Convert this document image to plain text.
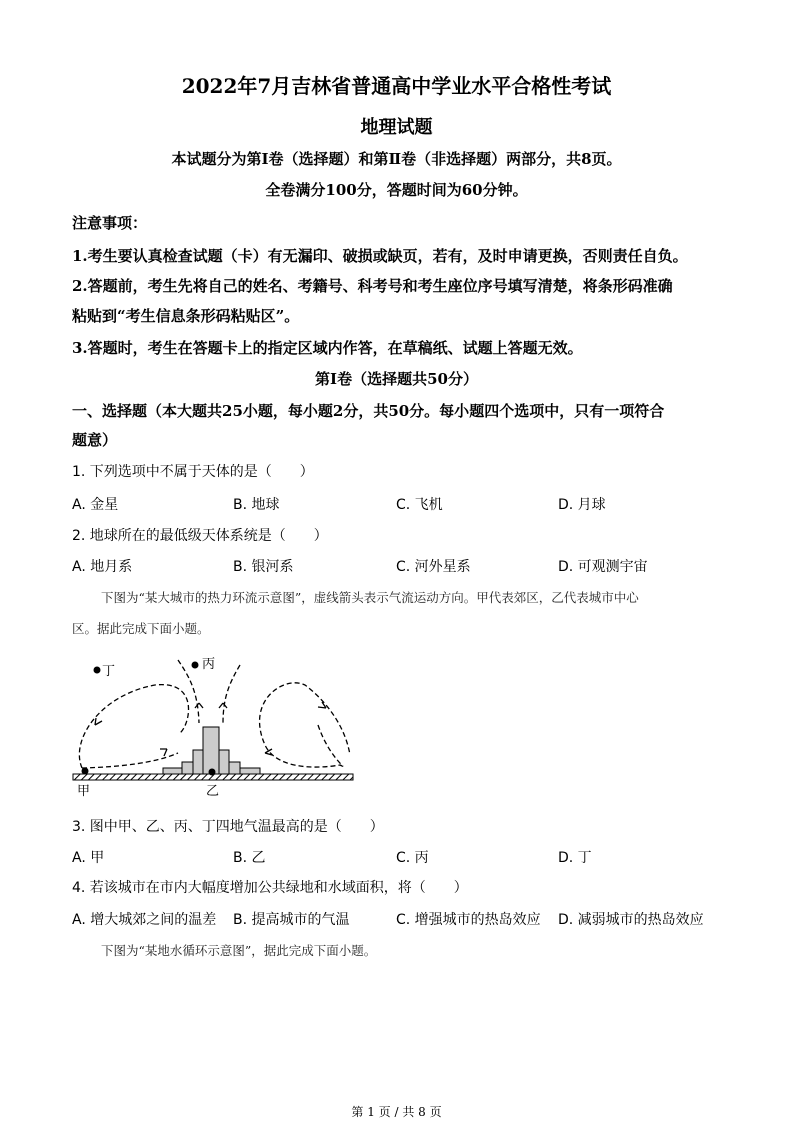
2022年7月吉林省普通高中学业水平合格性考试
地理试题
本试题分为第Ⅰ卷（选择题）和第Ⅱ卷（非选择题）两部分，共8页。
全卷满分100分，答题时间为60分钟。
注意事项：
1.考生要认真检查试题（卡）有无漏印、破损或缺页，若有，及时申请更换，否则责任自负。
2.答题前，考生先将自己的姓名、考籍号、科考号和考生座位序号填写清楚，将条形码准确
粘贴到“考生信息条形码粘贴区”。
3.答题时，考生在答题卡上的指定区域内作答，在草稿纸、试题上答题无效。
第Ⅰ卷（选择题共50分）
一、选择题（本大题共25小题，每小题2分，共50分。每小题四个选项中，只有一项符合
题意）
1. 下列选项中不属于天体的是（　　）
A. 金星	B. 地球	C. 飞机	D. 月球
2. 地球所在的最低级天体系统是（　　）
A. 地月系	B. 银河系	C. 河外星系	D. 可观测宇宙
下图为“某大城市的热力环流示意图”，虚线箭头表示气流运动方向。甲代表郊区，乙代表城市中心
区。据此完成下面小题。
丁	丙
甲	乙
3. 图中甲、乙、丙、丁四地气温最高的是（　　）
A. 甲	B. 乙	C. 丙	D. 丁
4. 若该城市在市内大幅度增加公共绿地和水域面积，将（　　）
A. 增大城郊之间的温差 B. 提高城市的气温	C. 增强城市的热岛效应 D. 减弱城市的热岛效应
下图为“某地水循环示意图”，据此完成下面小题。
第 1 页 / 共 8 页
